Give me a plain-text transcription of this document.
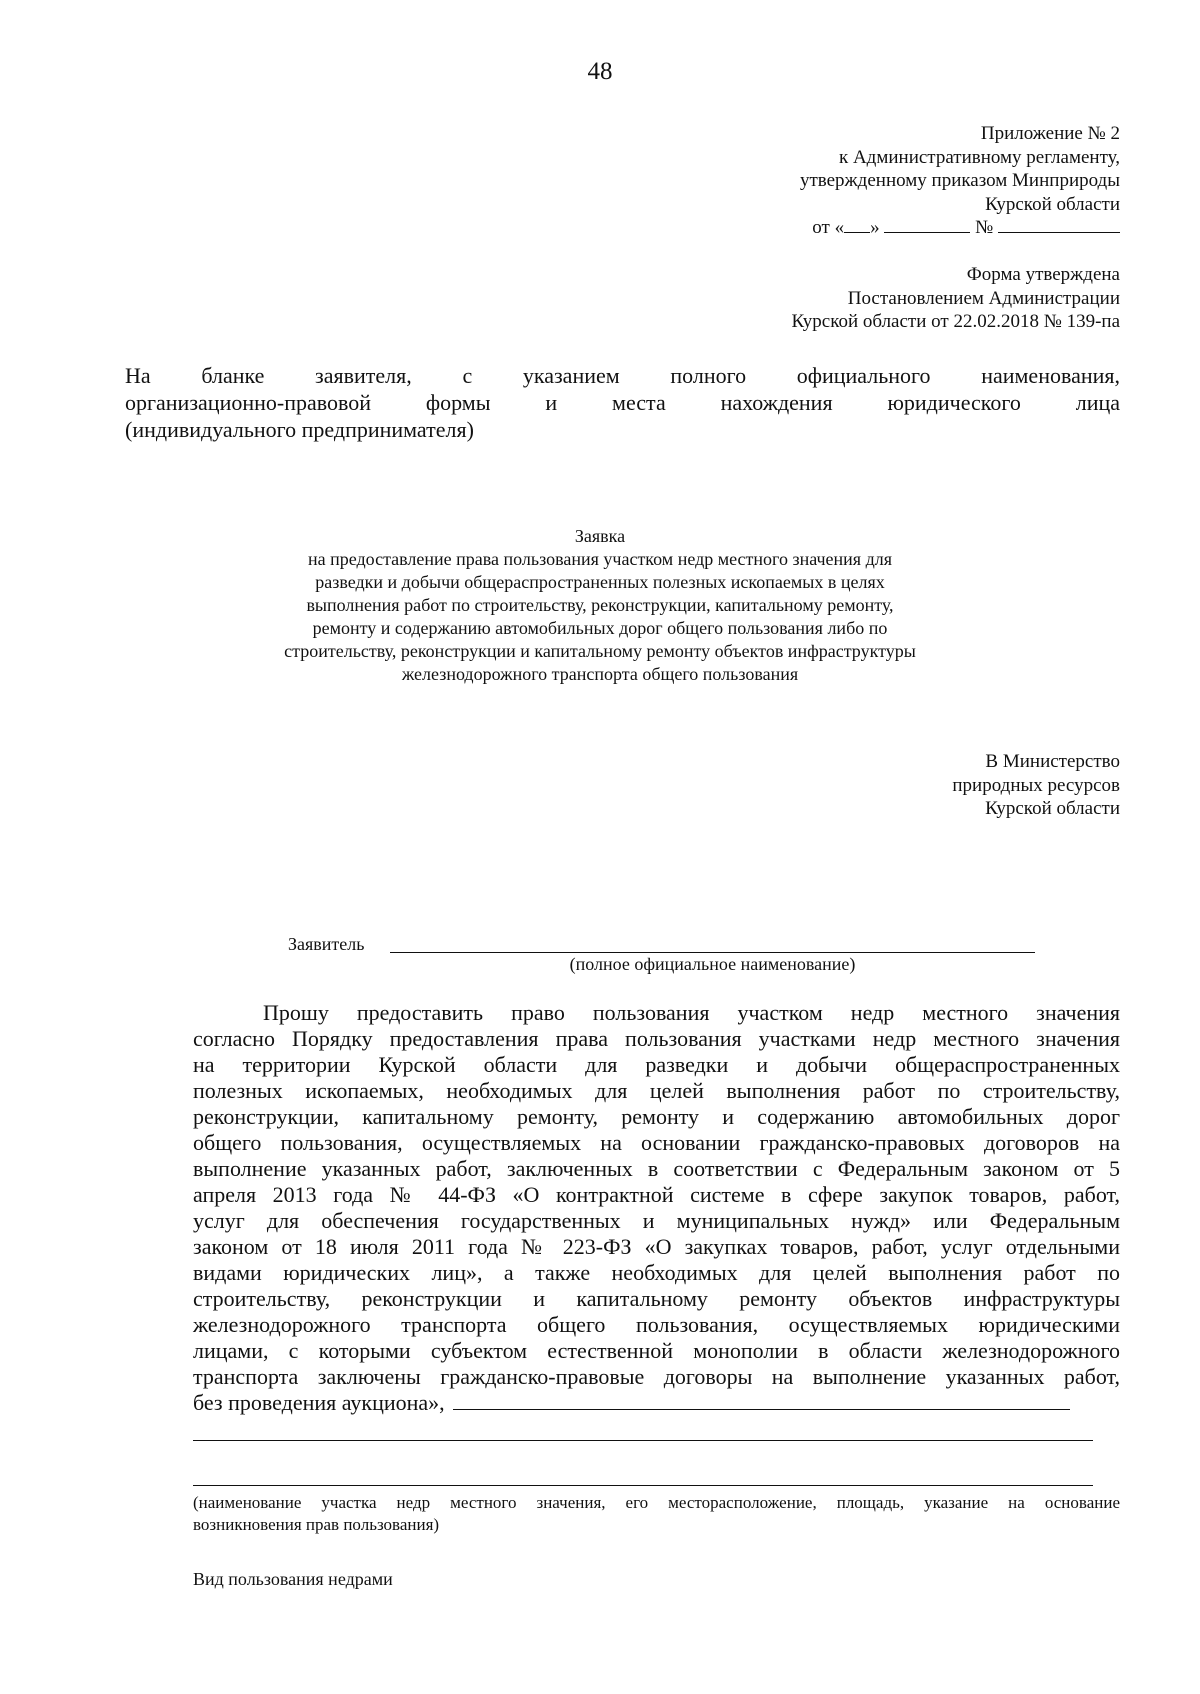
48
Приложение № 2
к Административному регламенту,
утвержденному приказом Минприроды
Курской области
от « »	№
Форма утверждена
Постановлением Администрации
Курской области от 22.02.2018 № 139-па
На бланке заявителя, с указанием полного официального наименования,
организационно-правовой формы и места нахождения юридического лица
(индивидуального предпринимателя)
Заявка
на предоставление права пользования участком недр местного значения для
разведки и добычи общераспространенных полезных ископаемых в целях
выполнения работ по строительству, реконструкции, капитальному ремонту,
ремонту и содержанию автомобильных дорог общего пользования либо по
строительству, реконструкции и капитальному ремонту объектов инфраструктуры
железнодорожного транспорта общего пользования
В Министерство
природных ресурсов
Курской области
Заявитель
(полное официальное наименование)
Прошу предоставить право пользования участком недр местного значения
согласно Порядку предоставления права пользования участками недр местного значения
на территории Курской области для разведки и добычи общераспространенных
полезных ископаемых, необходимых для целей выполнения работ по строительству,
реконструкции, капитальному ремонту, ремонту и содержанию автомобильных дорог
общего пользования, осуществляемых на основании гражданско-правовых договоров на
выполнение указанных работ, заключенных в соответствии с Федеральным законом от 5
апреля 2013 года № 44-ФЗ «О контрактной системе в сфере закупок товаров, работ,
услуг для обеспечения государственных и муниципальных нужд» или Федеральным
законом от 18 июля 2011 года № 223-ФЗ «О закупках товаров, работ, услуг отдельными
видами юридических лиц», а также необходимых для целей выполнения работ по
строительству, реконструкции и капитальному ремонту объектов инфраструктуры
железнодорожного транспорта общего пользования, осуществляемых юридическими
лицами, с которыми субъектом естественной монополии в области железнодорожного
транспорта заключены гражданско-правовые договоры на выполнение указанных работ,
без проведения аукциона»,
(наименование участка недр местного значения, его месторасположение, площадь, указание на основание
возникновения прав пользования)
Вид пользования недрами
